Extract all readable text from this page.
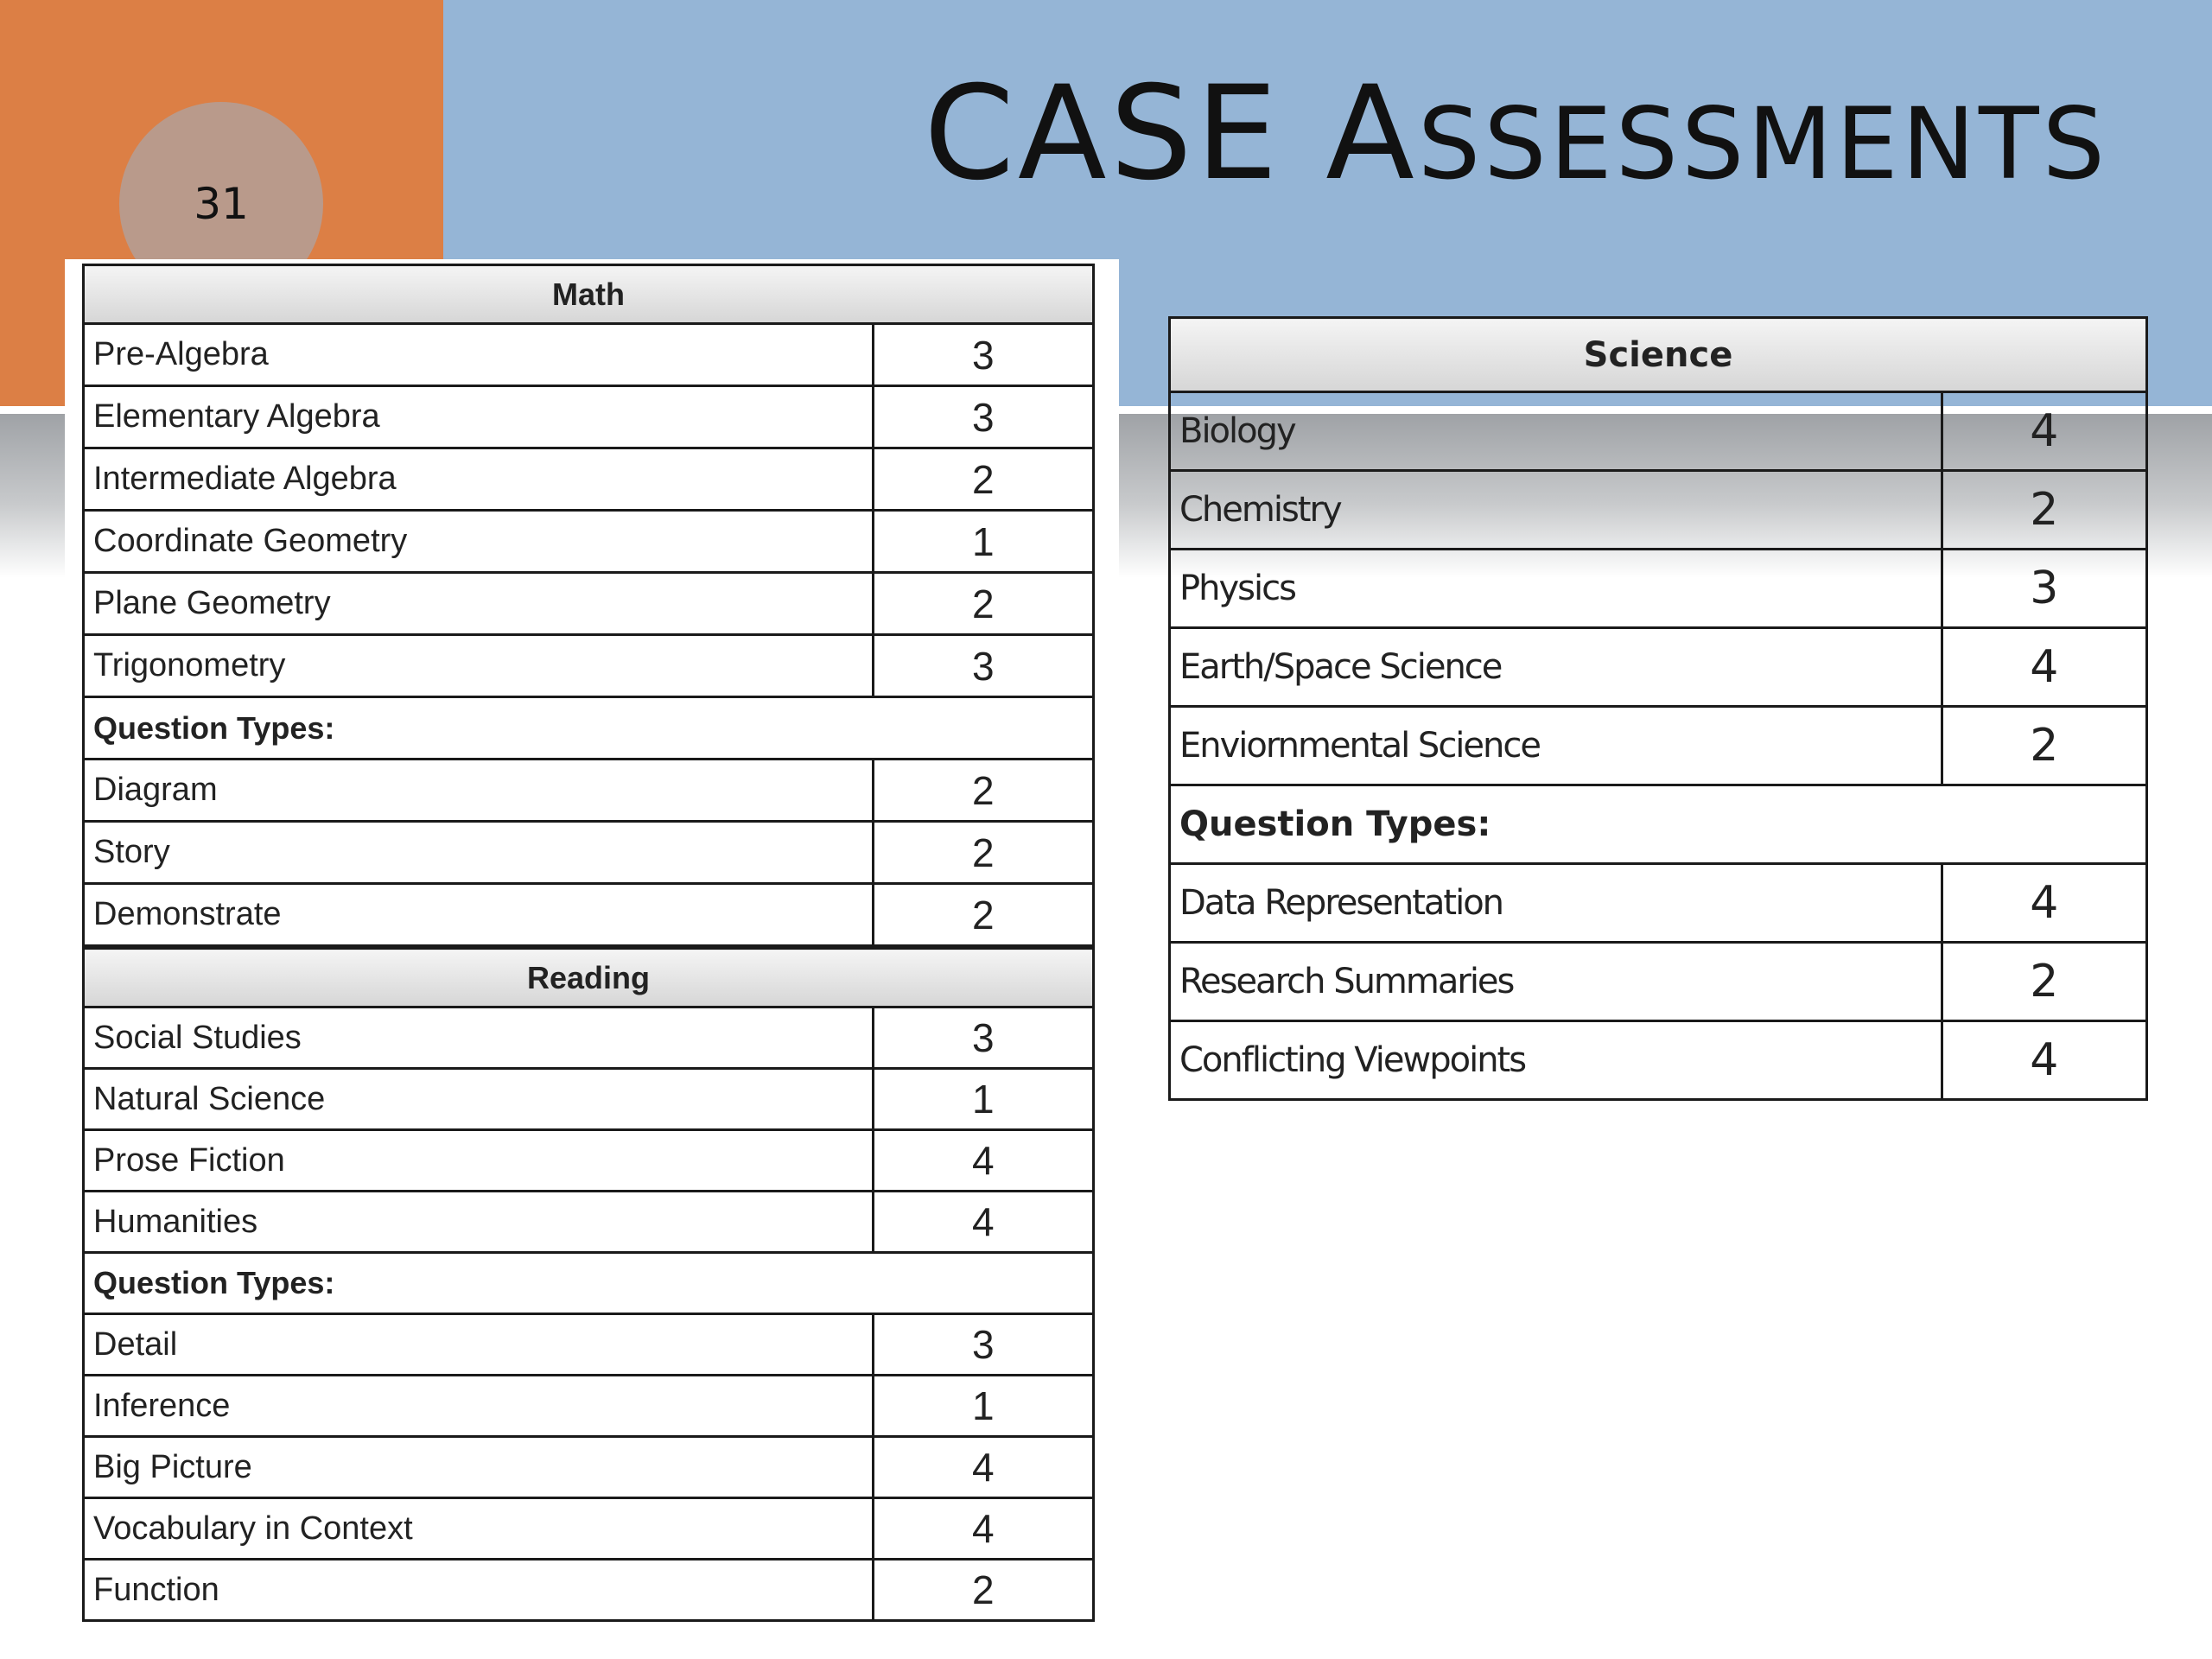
31	CASE ASSESSMENTS
Math	
Pre-Algebra	3
Elementary Algebra	3
Intermediate Algebra	2
Coordinate Geometry	1
Plane Geometry	2
Trigonometry	3
Question Types:	
Diagram	2
Story	2
Demonstrate	2
Reading	
Social Studies	3
Natural Science	1
Prose Fiction	4
Humanities	4
Question Types:	
Detail	3
Inference	1
Big Picture	4
Vocabulary in Context	4
Function	2
Science	
Biology	4
Chemistry	2
Physics	3
Earth/Space Science	4
Enviornmental Science	2
Question Types:	
Data Representation	4
Research Summaries	2
Conflicting Viewpoints	4
